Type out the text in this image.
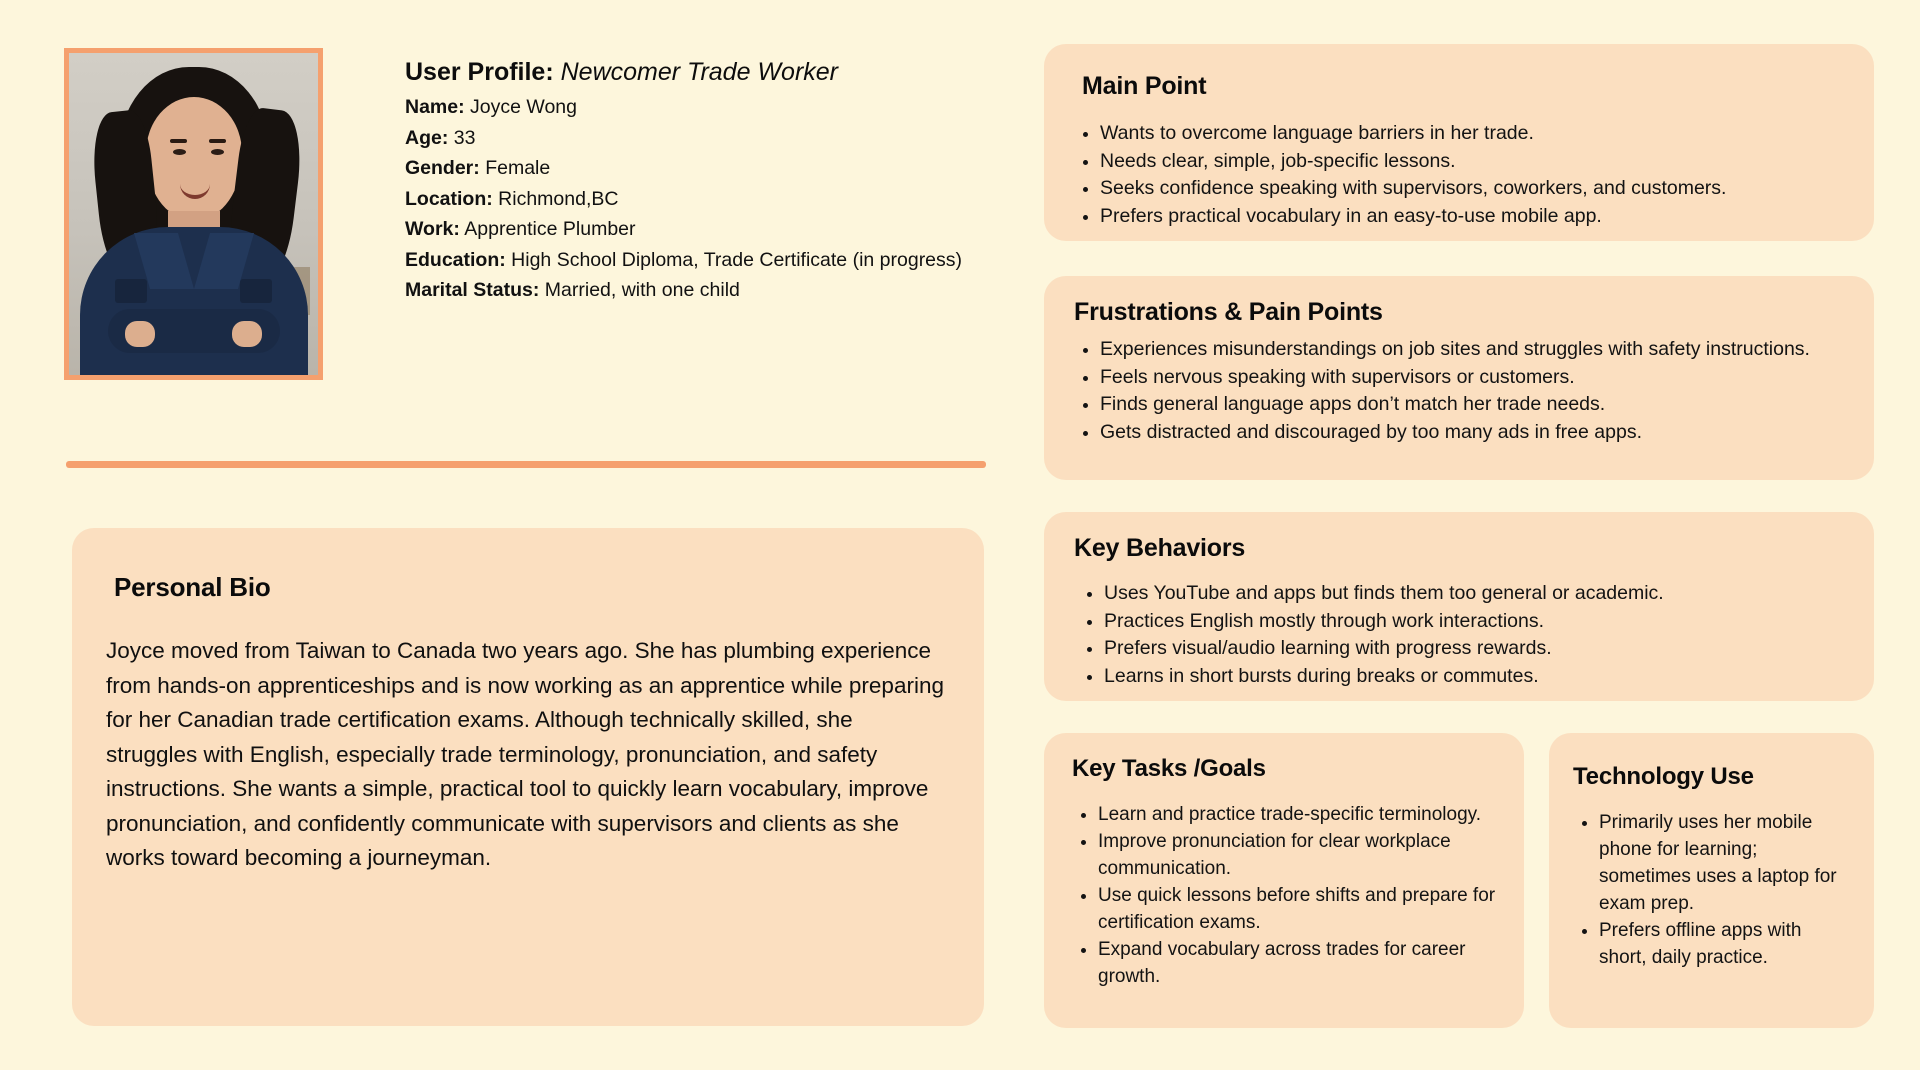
User Profile: Newcomer Trade Worker
Name: Joyce Wong
Age: 33
Gender: Female
Location: Richmond,BC
Work: Apprentice Plumber
Education: High School Diploma, Trade Certificate (in progress)
Marital Status: Married, with one child
Personal Bio

Joyce moved from Taiwan to Canada two years ago. She has plumbing experience from hands-on apprenticeships and is now working as an apprentice while preparing for her Canadian trade certification exams. Although technically skilled, she struggles with English, especially trade terminology, pronunciation, and safety instructions. She wants a simple, practical tool to quickly learn vocabulary, improve pronunciation, and confidently communicate with supervisors and clients as she works toward becoming a journeyman.

Main Point
Wants to overcome language barriers in her trade.
Needs clear, simple, job-specific lessons.
Seeks confidence speaking with supervisors, coworkers, and customers.
Prefers practical vocabulary in an easy-to-use mobile app.
Frustrations & Pain Points
Experiences misunderstandings on job sites and struggles with safety instructions.
Feels nervous speaking with supervisors or customers.
Finds general language apps don’t match her trade needs.
Gets distracted and discouraged by too many ads in free apps.
Key Behaviors
Uses YouTube and apps but finds them too general or academic.
Practices English mostly through work interactions.
Prefers visual/audio learning with progress rewards.
Learns in short bursts during breaks or commutes.
Key Tasks /Goals
Learn and practice trade-specific terminology.
Improve pronunciation for clear workplace communication.
Use quick lessons before shifts and prepare for certification exams.
Expand vocabulary across trades for career growth.
Technology Use
Primarily uses her mobile phone for learning; sometimes uses a laptop for exam prep.
Prefers offline apps with short, daily practice.
